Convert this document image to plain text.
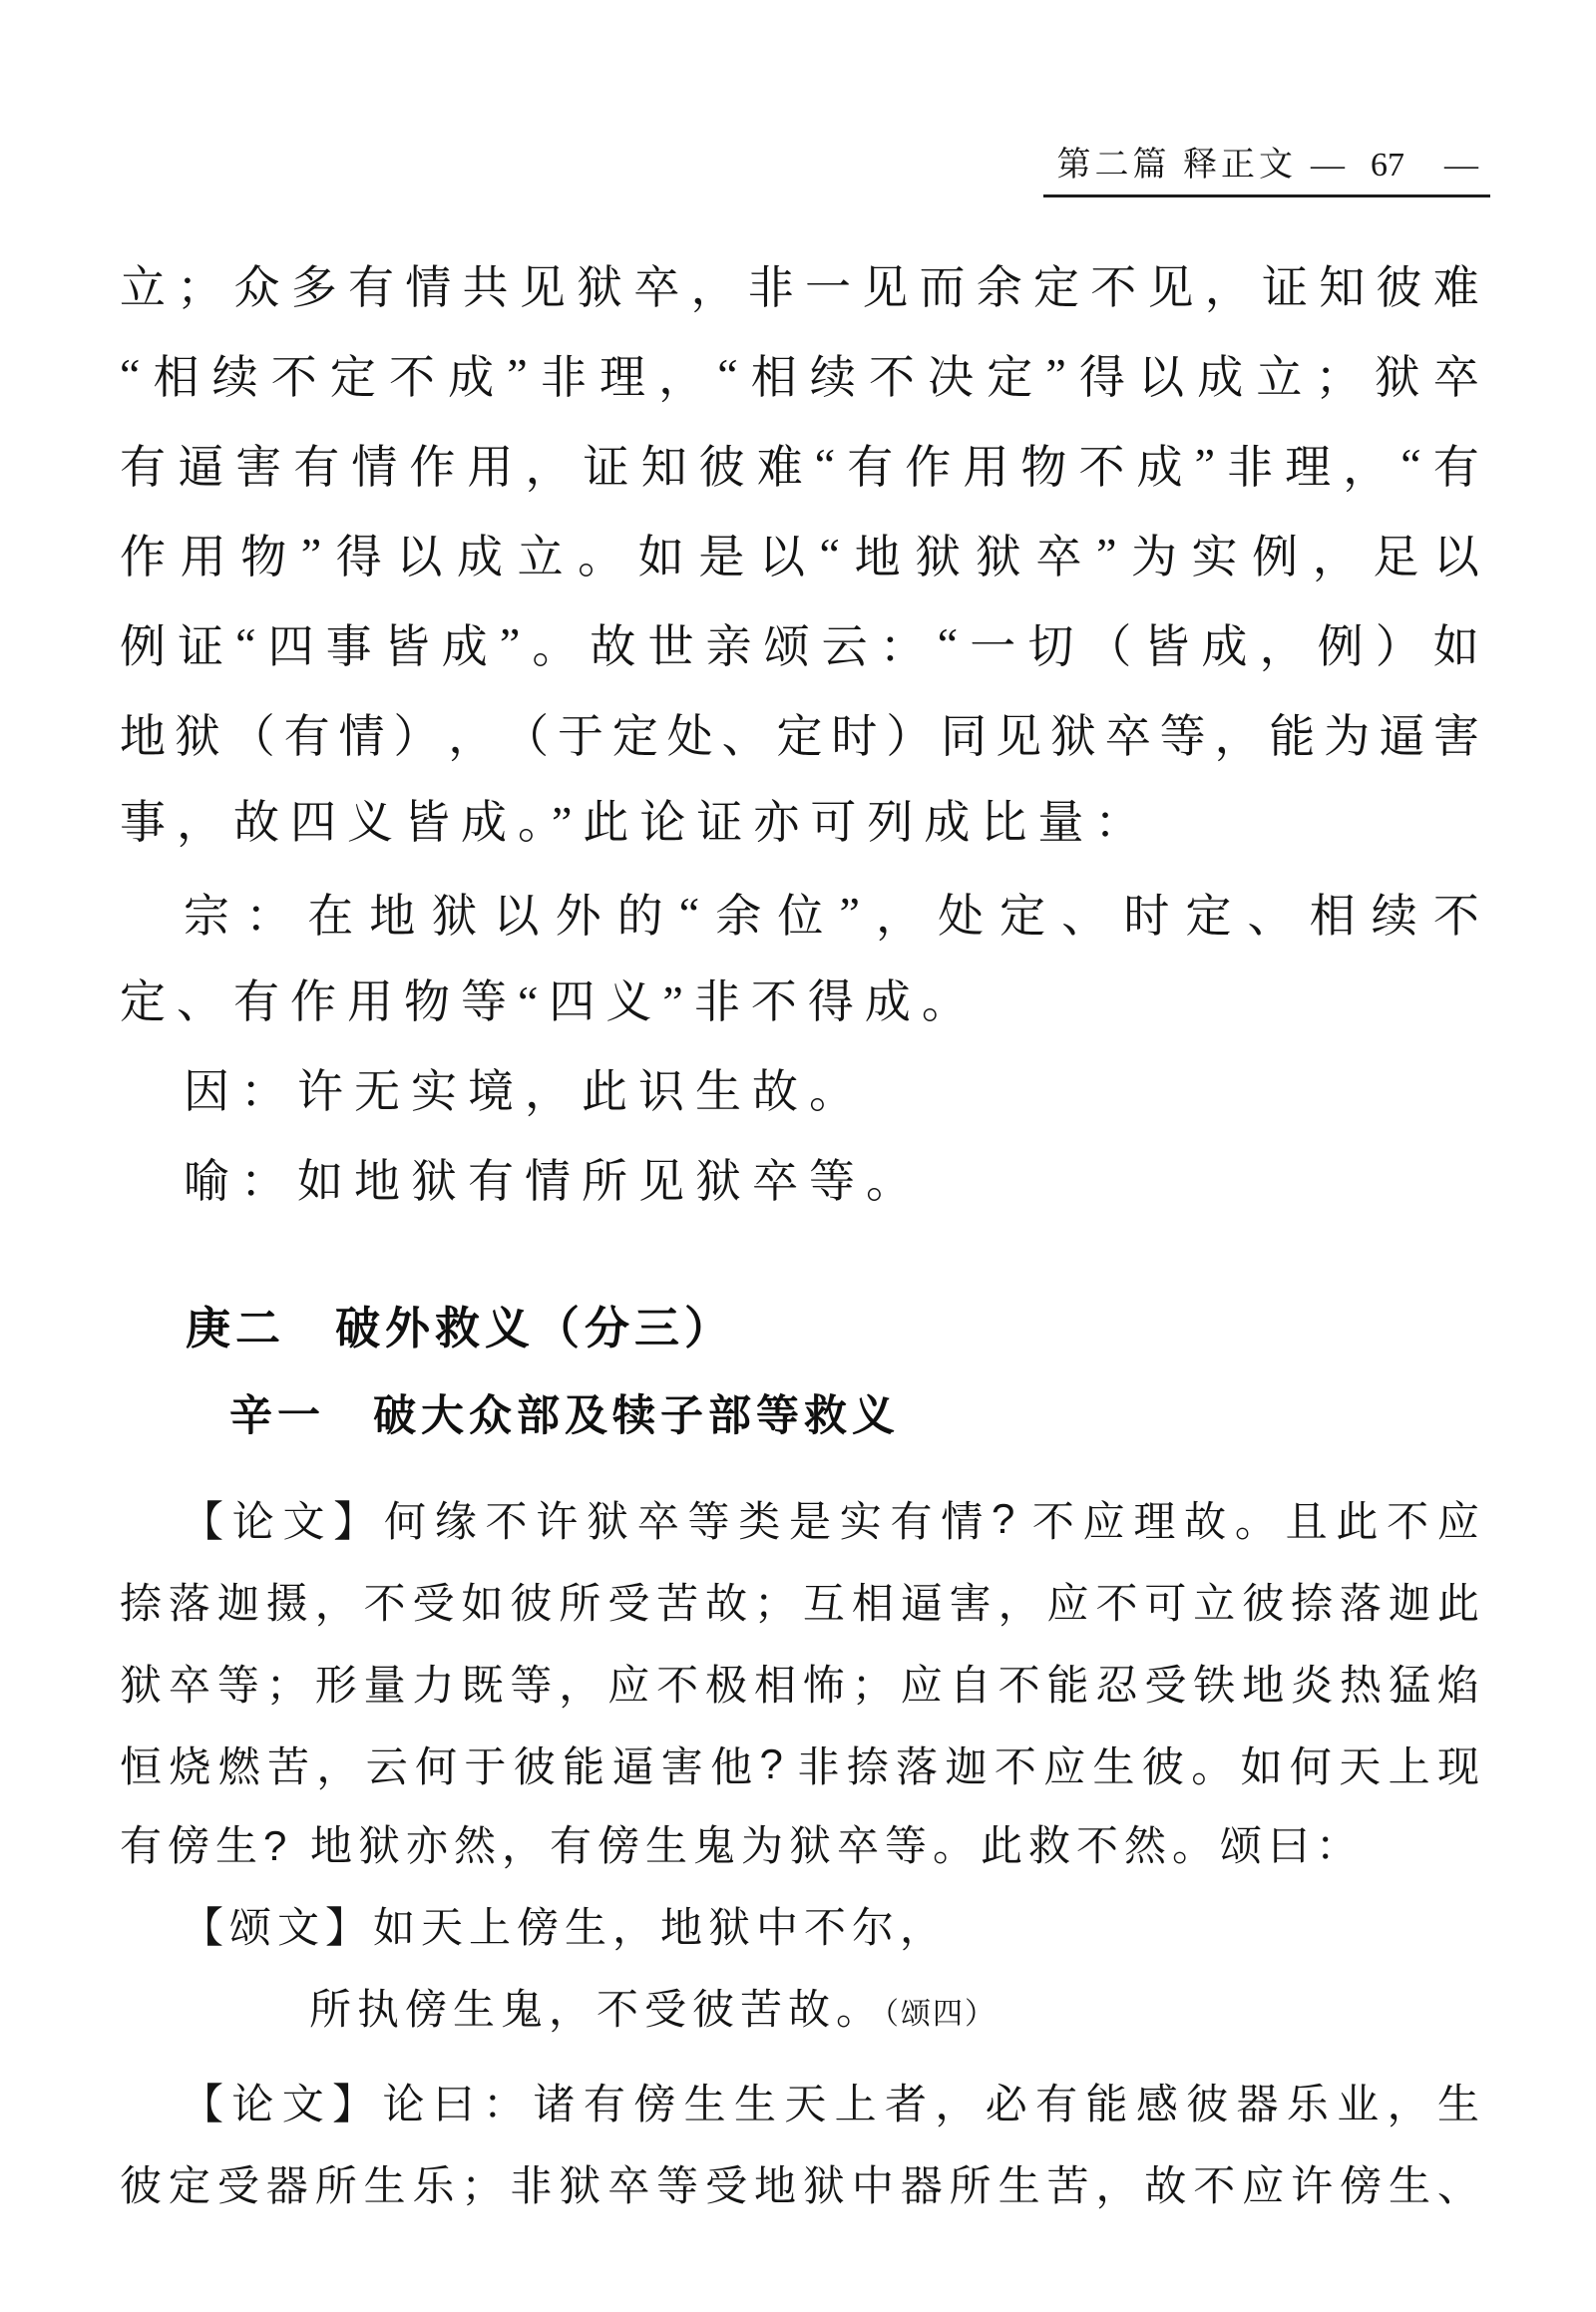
第二篇 释正文 — 67 —
立 ； 众 多 有 情 共 见 狱 卒 ， 非 一 见 而 余 定 不 见 ， 证 知 彼 难
“ 相 续 不 定 不 成 ” 非 理 ， “ 相 续 不 决 定 ” 得 以 成 立 ； 狱 卒
有 逼 害 有 情 作 用 ， 证 知 彼 难 “ 有 作 用 物 不 成 ” 非 理 ， “ 有
作 用 物 ” 得 以 成 立 。 如 是 以 “ 地 狱 狱 卒 ” 为 实 例 ， 足 以
例 证 “ 四 事 皆 成 ” 。 故 世 亲 颂 云 ： “ 一 切 （ 皆 成 ， 例 ） 如
地 狱 （ 有 情 ） ， （ 于 定 处 、 定 时 ） 同 见 狱 卒 等 ， 能 为 逼 害
事，故四义皆成。”此论证亦可列成比量：
宗 ： 在 地 狱 以 外 的 “ 余 位 ” ， 处 定 、 时 定 、 相 续 不
定、有作用物等“四义”非不得成。
因：许无实境，此识生故。
喻：如地狱有情所见狱卒等。
庚二　破外救义（分三）
辛一　破大众部及犊子部等救义
【 论 文 】 何 缘 不 许 狱 卒 等 类 是 实 有 情 ? 不 应 理 故 。 且 此 不 应
捺 落 迦 摄 ， 不 受 如 彼 所 受 苦 故 ； 互 相 逼 害 ， 应 不 可 立 彼 捺 落 迦 此
狱 卒 等 ； 形 量 力 既 等 ， 应 不 极 相 怖 ； 应 自 不 能 忍 受 铁 地 炎 热 猛 焰
恒 烧 燃 苦 ， 云 何 于 彼 能 逼 害 他 ? 非 捺 落 迦 不 应 生 彼 。 如 何 天 上 现
有傍生? 地狱亦然，有傍生鬼为狱卒等。此救不然。颂曰：
【颂文】如天上傍生，地狱中不尔，
所执傍生鬼，不受彼苦故。（颂四）
【 论 文 】 论 曰 ： 诸 有 傍 生 生 天 上 者 ， 必 有 能 感 彼 器 乐 业 ， 生
彼 定 受 器 所 生 乐 ； 非 狱 卒 等 受 地 狱 中 器 所 生 苦 ， 故 不 应 许 傍 生 、
